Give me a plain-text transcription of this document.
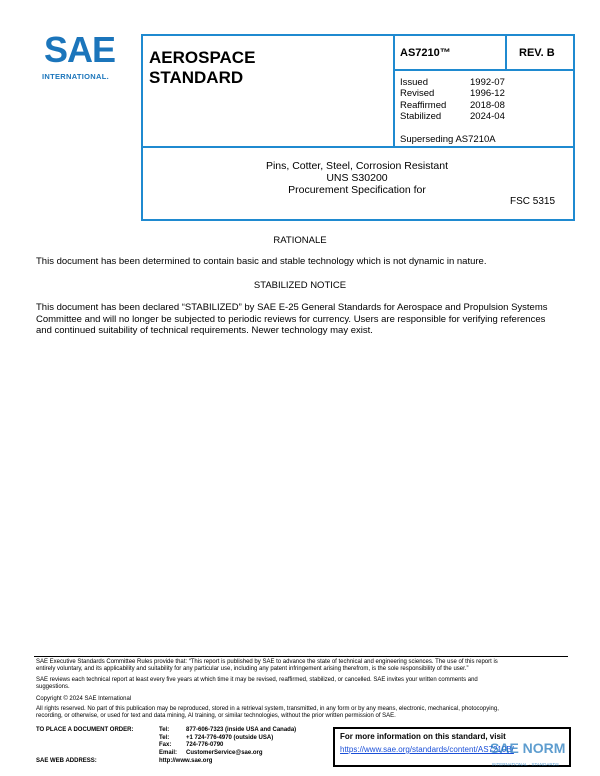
SAE
INTERNATIONAL.
AEROSPACE
STANDARD
AS7210™	REV. B
Issued	1992-07
Revised	1996-12
Reaffirmed	2018-08
Stabilized	2024-04
Superseding AS7210A
Pins, Cotter, Steel, Corrosion Resistant
UNS S30200
Procurement Specification for
FSC 5315
RATIONALE
This document has been determined to contain basic and stable technology which is not dynamic in nature.
STABILIZED NOTICE
This document has been declared “STABILIZED” by SAE E-25 General Standards for Aerospace and Propulsion Systems
Committee and will no longer be subjected to periodic reviews for currency. Users are responsible for verifying references
and continued suitability of technical requirements. Newer technology may exist.
SAE Executive Standards Committee Rules provide that: “This report is published by SAE to advance the state of technical and engineering sciences. The use of this report is
entirely voluntary, and its applicability and suitability for any particular use, including any patent infringement arising therefrom, is the sole responsibility of the user.”
SAE reviews each technical report at least every five years at which time it may be revised, reaffirmed, stabilized, or cancelled. SAE invites your written comments and
suggestions.
Copyright © 2024 SAE International
All rights reserved. No part of this publication may be reproduced, stored in a retrieval system, transmitted, in any form or by any means, electronic, mechanical, photocopying,
recording, or otherwise, or used for text and data mining, AI training, or similar technologies, without the prior written permission of SAE.
TO PLACE A DOCUMENT ORDER:	Tel:	877-606-7323 (inside USA and Canada)
Tel:	+1 724-776-4970 (outside USA)
Fax: 724-776-0790
Email: CustomerService@sae.org
SAE WEB ADDRESS:	http://www.sae.org
For more information on this standard, visit
https://www.sae.org/standards/content/AS7210B/
SAE NORM
INTERNATIONAL · STANDARDS
